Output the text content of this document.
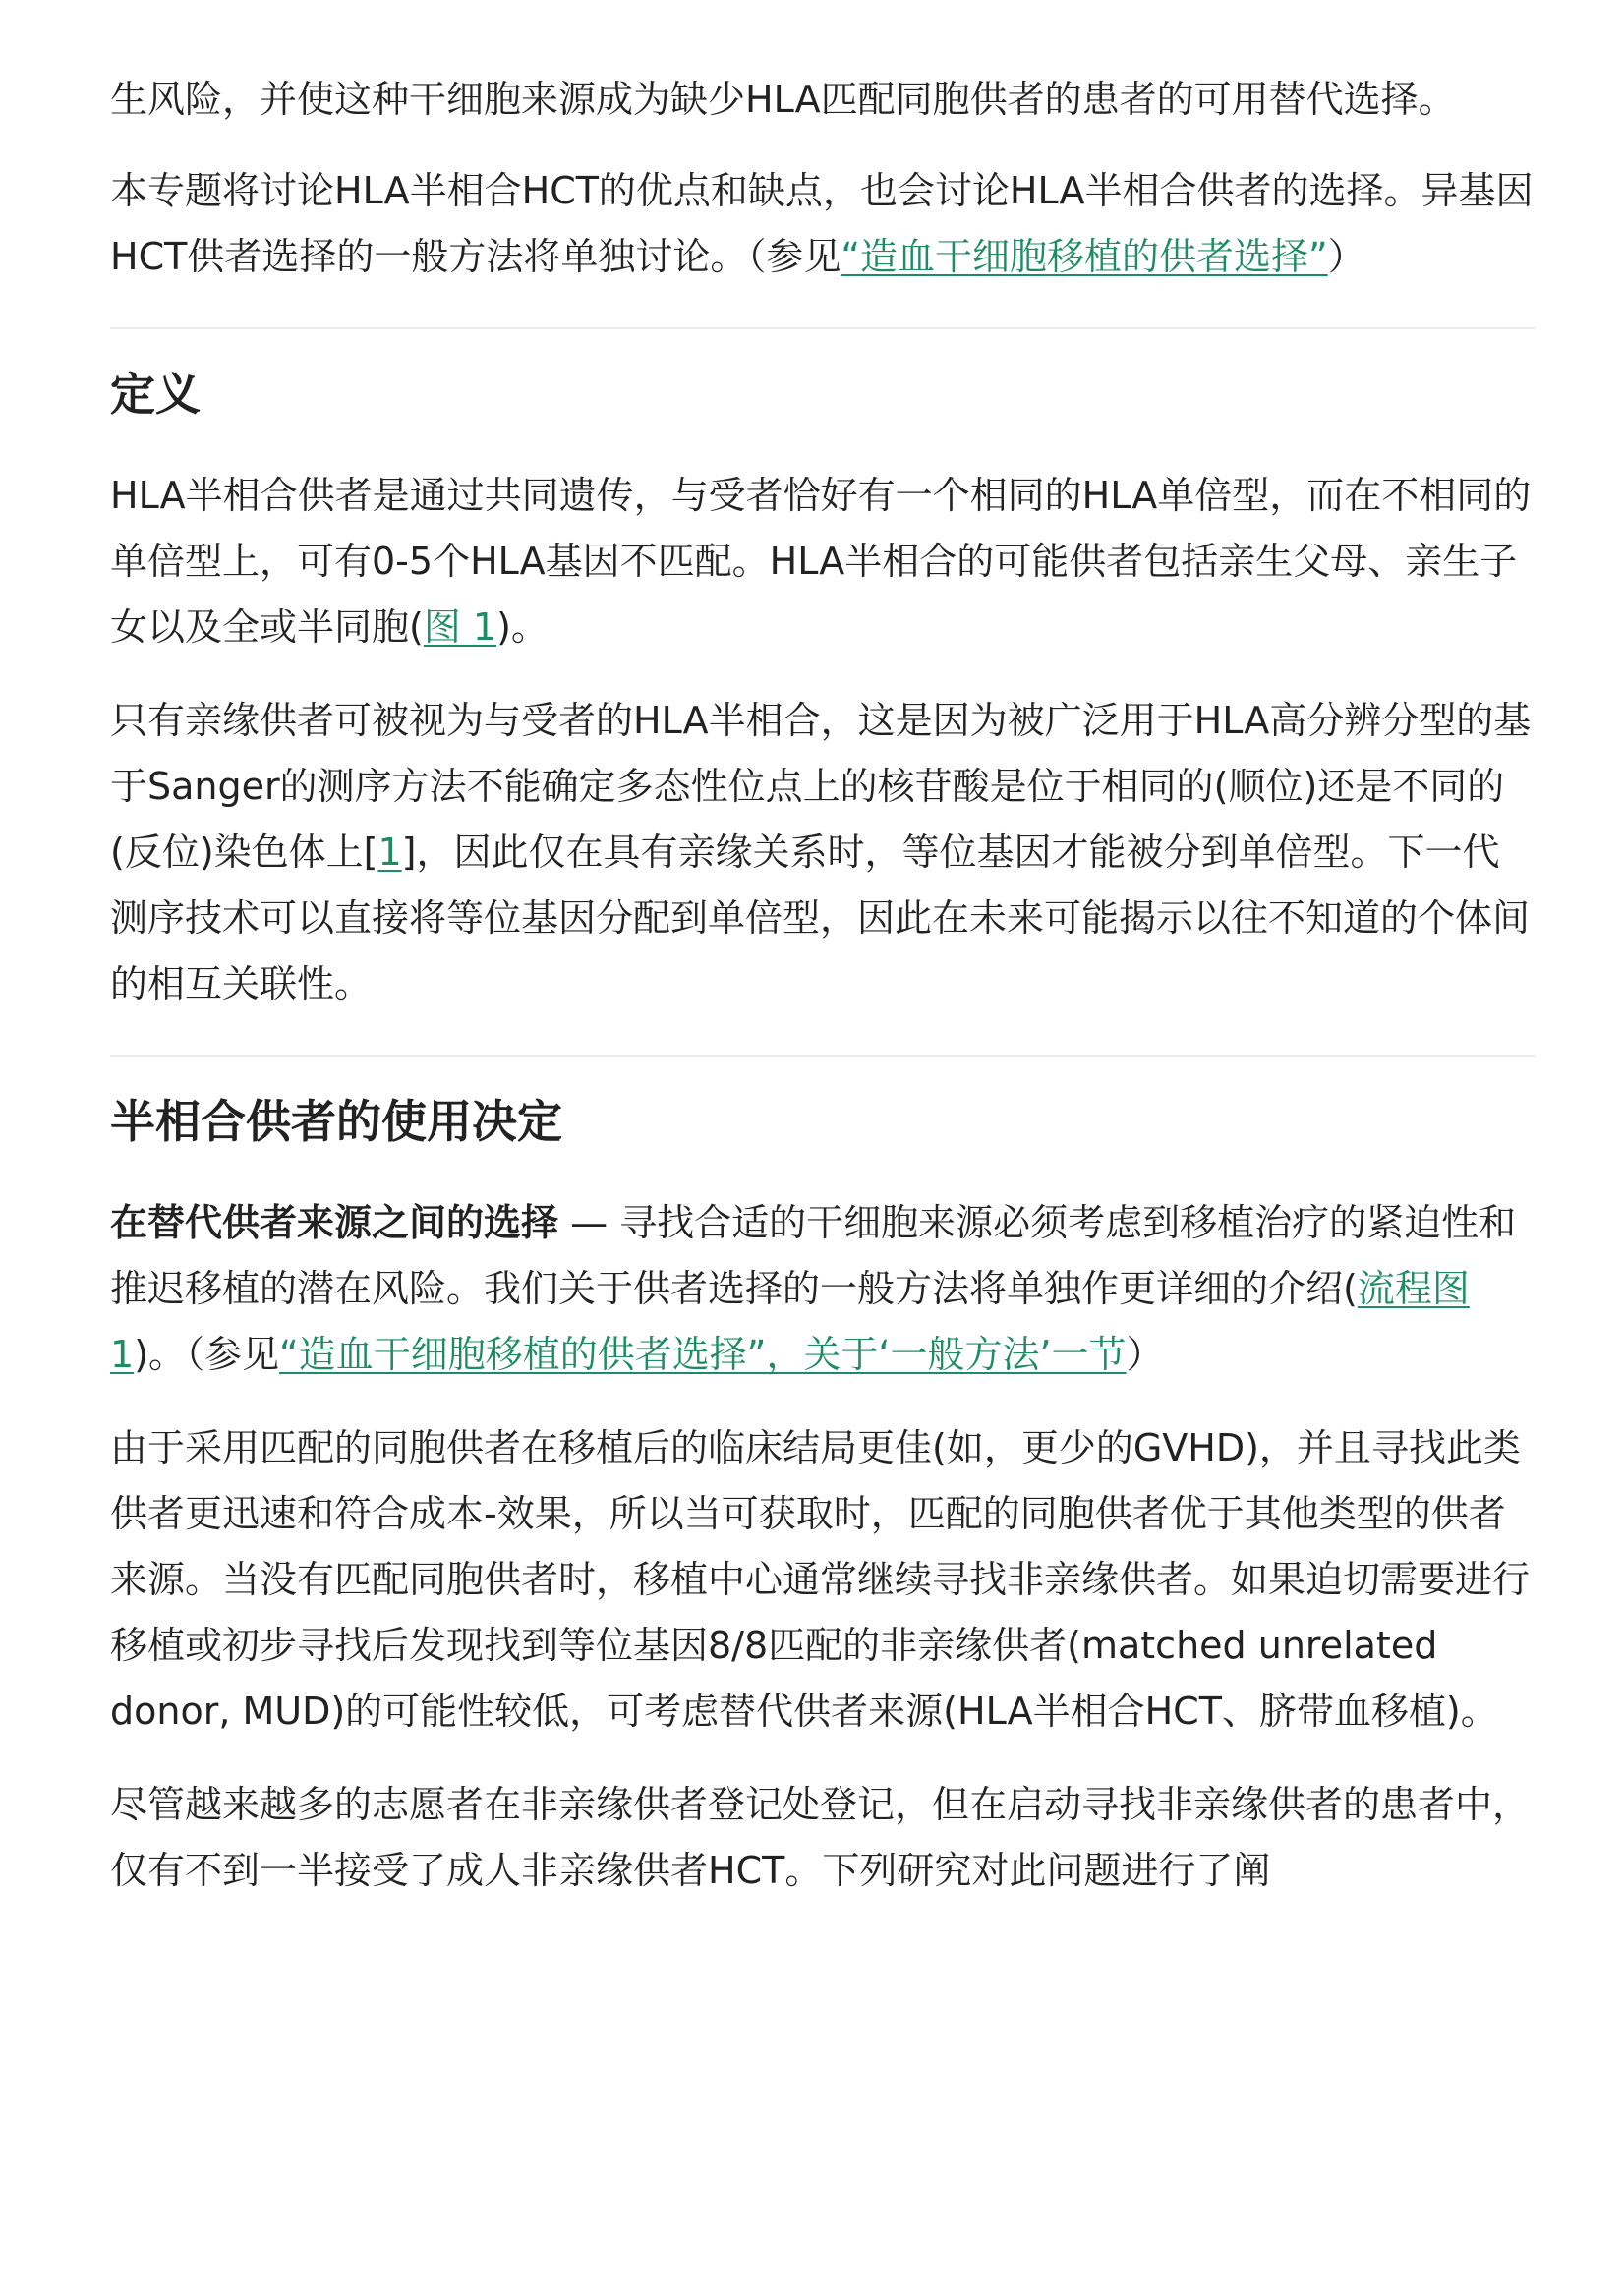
生风险，并使这种干细胞来源成为缺少HLA匹配同胞供者的患者的可用替代选择。

本专题将讨论HLA半相合HCT的优点和缺点，也会讨论HLA半相合供者的选择。异基因HCT供者选择的一般方法将单独讨论。（参见“造血干细胞移植的供者选择”）

定义

HLA半相合供者是通过共同遗传，与受者恰好有一个相同的HLA单倍型，而在不相同的单倍型上，可有0-5个HLA基因不匹配。HLA半相合的可能供者包括亲生父母、亲生子女以及全或半同胞(图 1)。

只有亲缘供者可被视为与受者的HLA半相合，这是因为被广泛用于HLA高分辨分型的基于Sanger的测序方法不能确定多态性位点上的核苷酸是位于相同的(顺位)还是不同的(反位)染色体上[1]，因此仅在具有亲缘关系时，等位基因才能被分到单倍型。下一代测序技术可以直接将等位基因分配到单倍型，因此在未来可能揭示以往不知道的个体间的相互关联性。

半相合供者的使用决定

在替代供者来源之间的选择 — 寻找合适的干细胞来源必须考虑到移植治疗的紧迫性和推迟移植的潜在风险。我们关于供者选择的一般方法将单独作更详细的介绍(流程图 1)。（参见“造血干细胞移植的供者选择”，关于‘一般方法’一节）

由于采用匹配的同胞供者在移植后的临床结局更佳(如，更少的GVHD)，并且寻找此类供者更迅速和符合成本-效果，所以当可获取时，匹配的同胞供者优于其他类型的供者来源。当没有匹配同胞供者时，移植中心通常继续寻找非亲缘供者。如果迫切需要进行移植或初步寻找后发现找到等位基因8/8匹配的非亲缘供者(matched unrelated donor, MUD)的可能性较低，可考虑替代供者来源(HLA半相合HCT、脐带血移植)。

尽管越来越多的志愿者在非亲缘供者登记处登记，但在启动寻找非亲缘供者的患者中，仅有不到一半接受了成人非亲缘供者HCT。下列研究对此问题进行了阐
